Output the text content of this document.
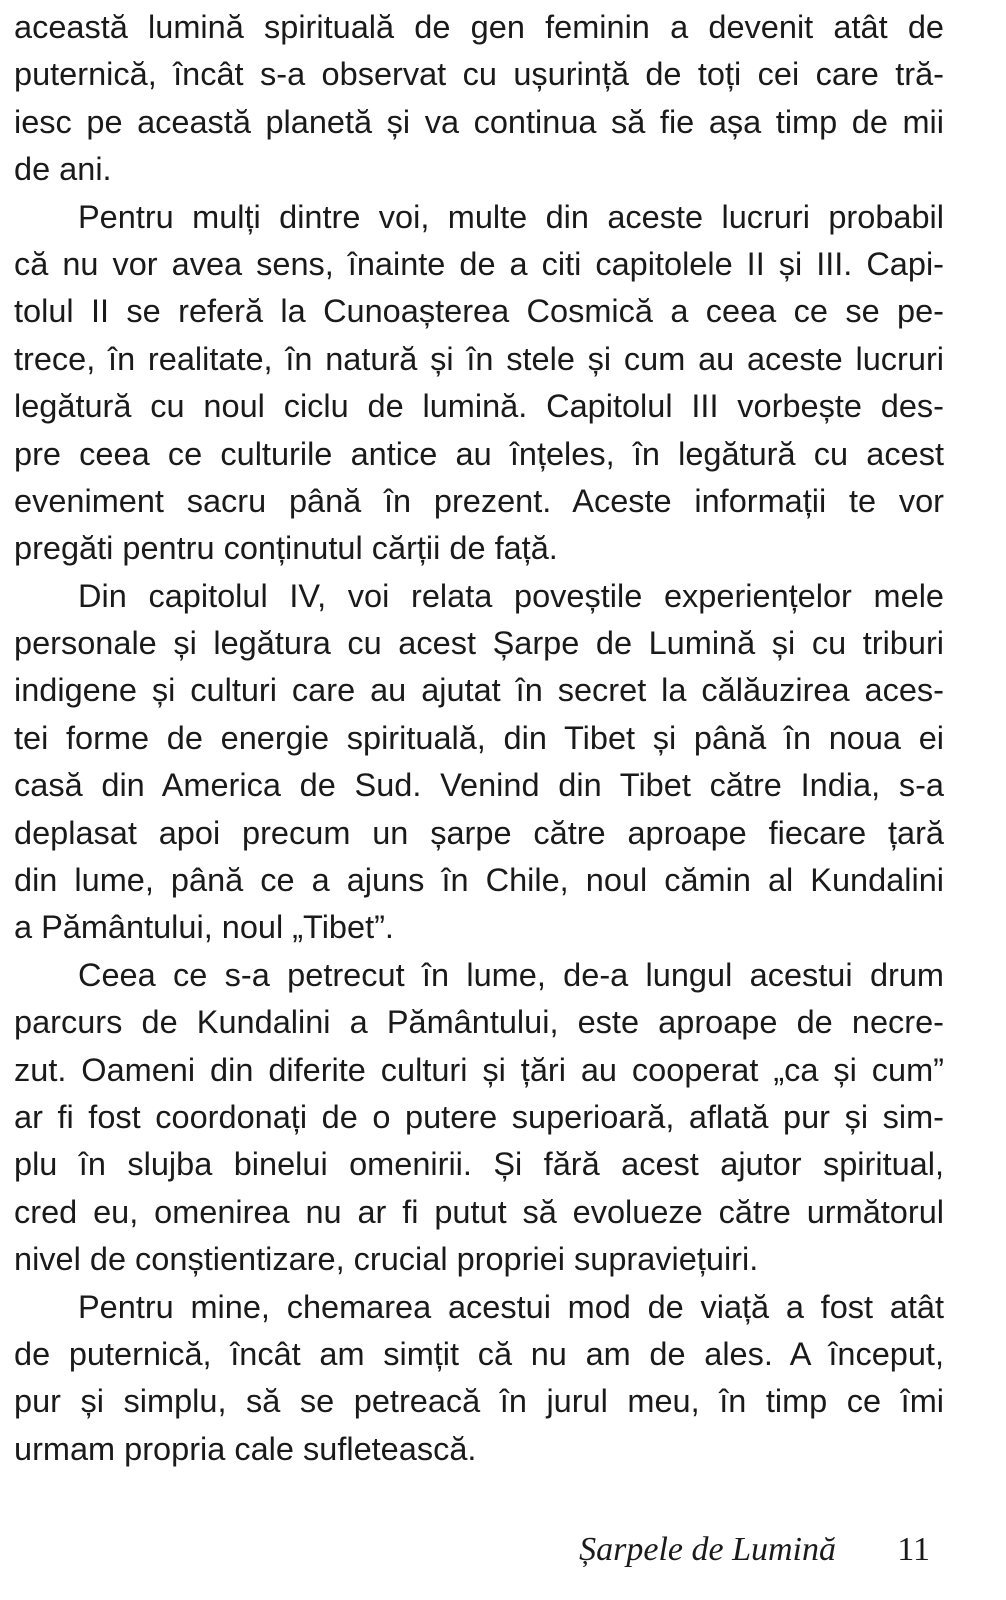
această lumină spirituală de gen feminin a devenit atât de
puternică, încât s-a observat cu ușurință de toți cei care tră-
iesc pe această planetă și va continua să fie așa timp de mii
de ani.
Pentru mulți dintre voi, multe din aceste lucruri probabil
că nu vor avea sens, înainte de a citi capitolele II și III. Capi-
tolul II se referă la Cunoașterea Cosmică a ceea ce se pe-
trece, în realitate, în natură și în stele și cum au aceste lucruri
legătură cu noul ciclu de lumină. Capitolul III vorbește des-
pre ceea ce culturile antice au înțeles, în legătură cu acest
eveniment sacru până în prezent. Aceste informații te vor
pregăti pentru conținutul cărții de față.
Din capitolul IV, voi relata poveștile experiențelor mele
personale și legătura cu acest Șarpe de Lumină și cu triburi
indigene și culturi care au ajutat în secret la călăuzirea aces-
tei forme de energie spirituală, din Tibet și până în noua ei
casă din America de Sud. Venind din Tibet către India, s-a
deplasat apoi precum un șarpe către aproape fiecare țară
din lume, până ce a ajuns în Chile, noul cămin al Kundalini
a Pământului, noul „Tibet”.
Ceea ce s-a petrecut în lume, de-a lungul acestui drum
parcurs de Kundalini a Pământului, este aproape de necre-
zut. Oameni din diferite culturi și țări au cooperat „ca și cum”
ar fi fost coordonați de o putere superioară, aflată pur și sim-
plu în slujba binelui omenirii. Și fără acest ajutor spiritual,
cred eu, omenirea nu ar fi putut să evolueze către următorul
nivel de conștientizare, crucial propriei supraviețuiri.
Pentru mine, chemarea acestui mod de viață a fost atât
de puternică, încât am simțit că nu am de ales. A început,
pur și simplu, să se petreacă în jurul meu, în timp ce îmi
urmam propria cale sufletească.
Șarpele de Lumină 11
